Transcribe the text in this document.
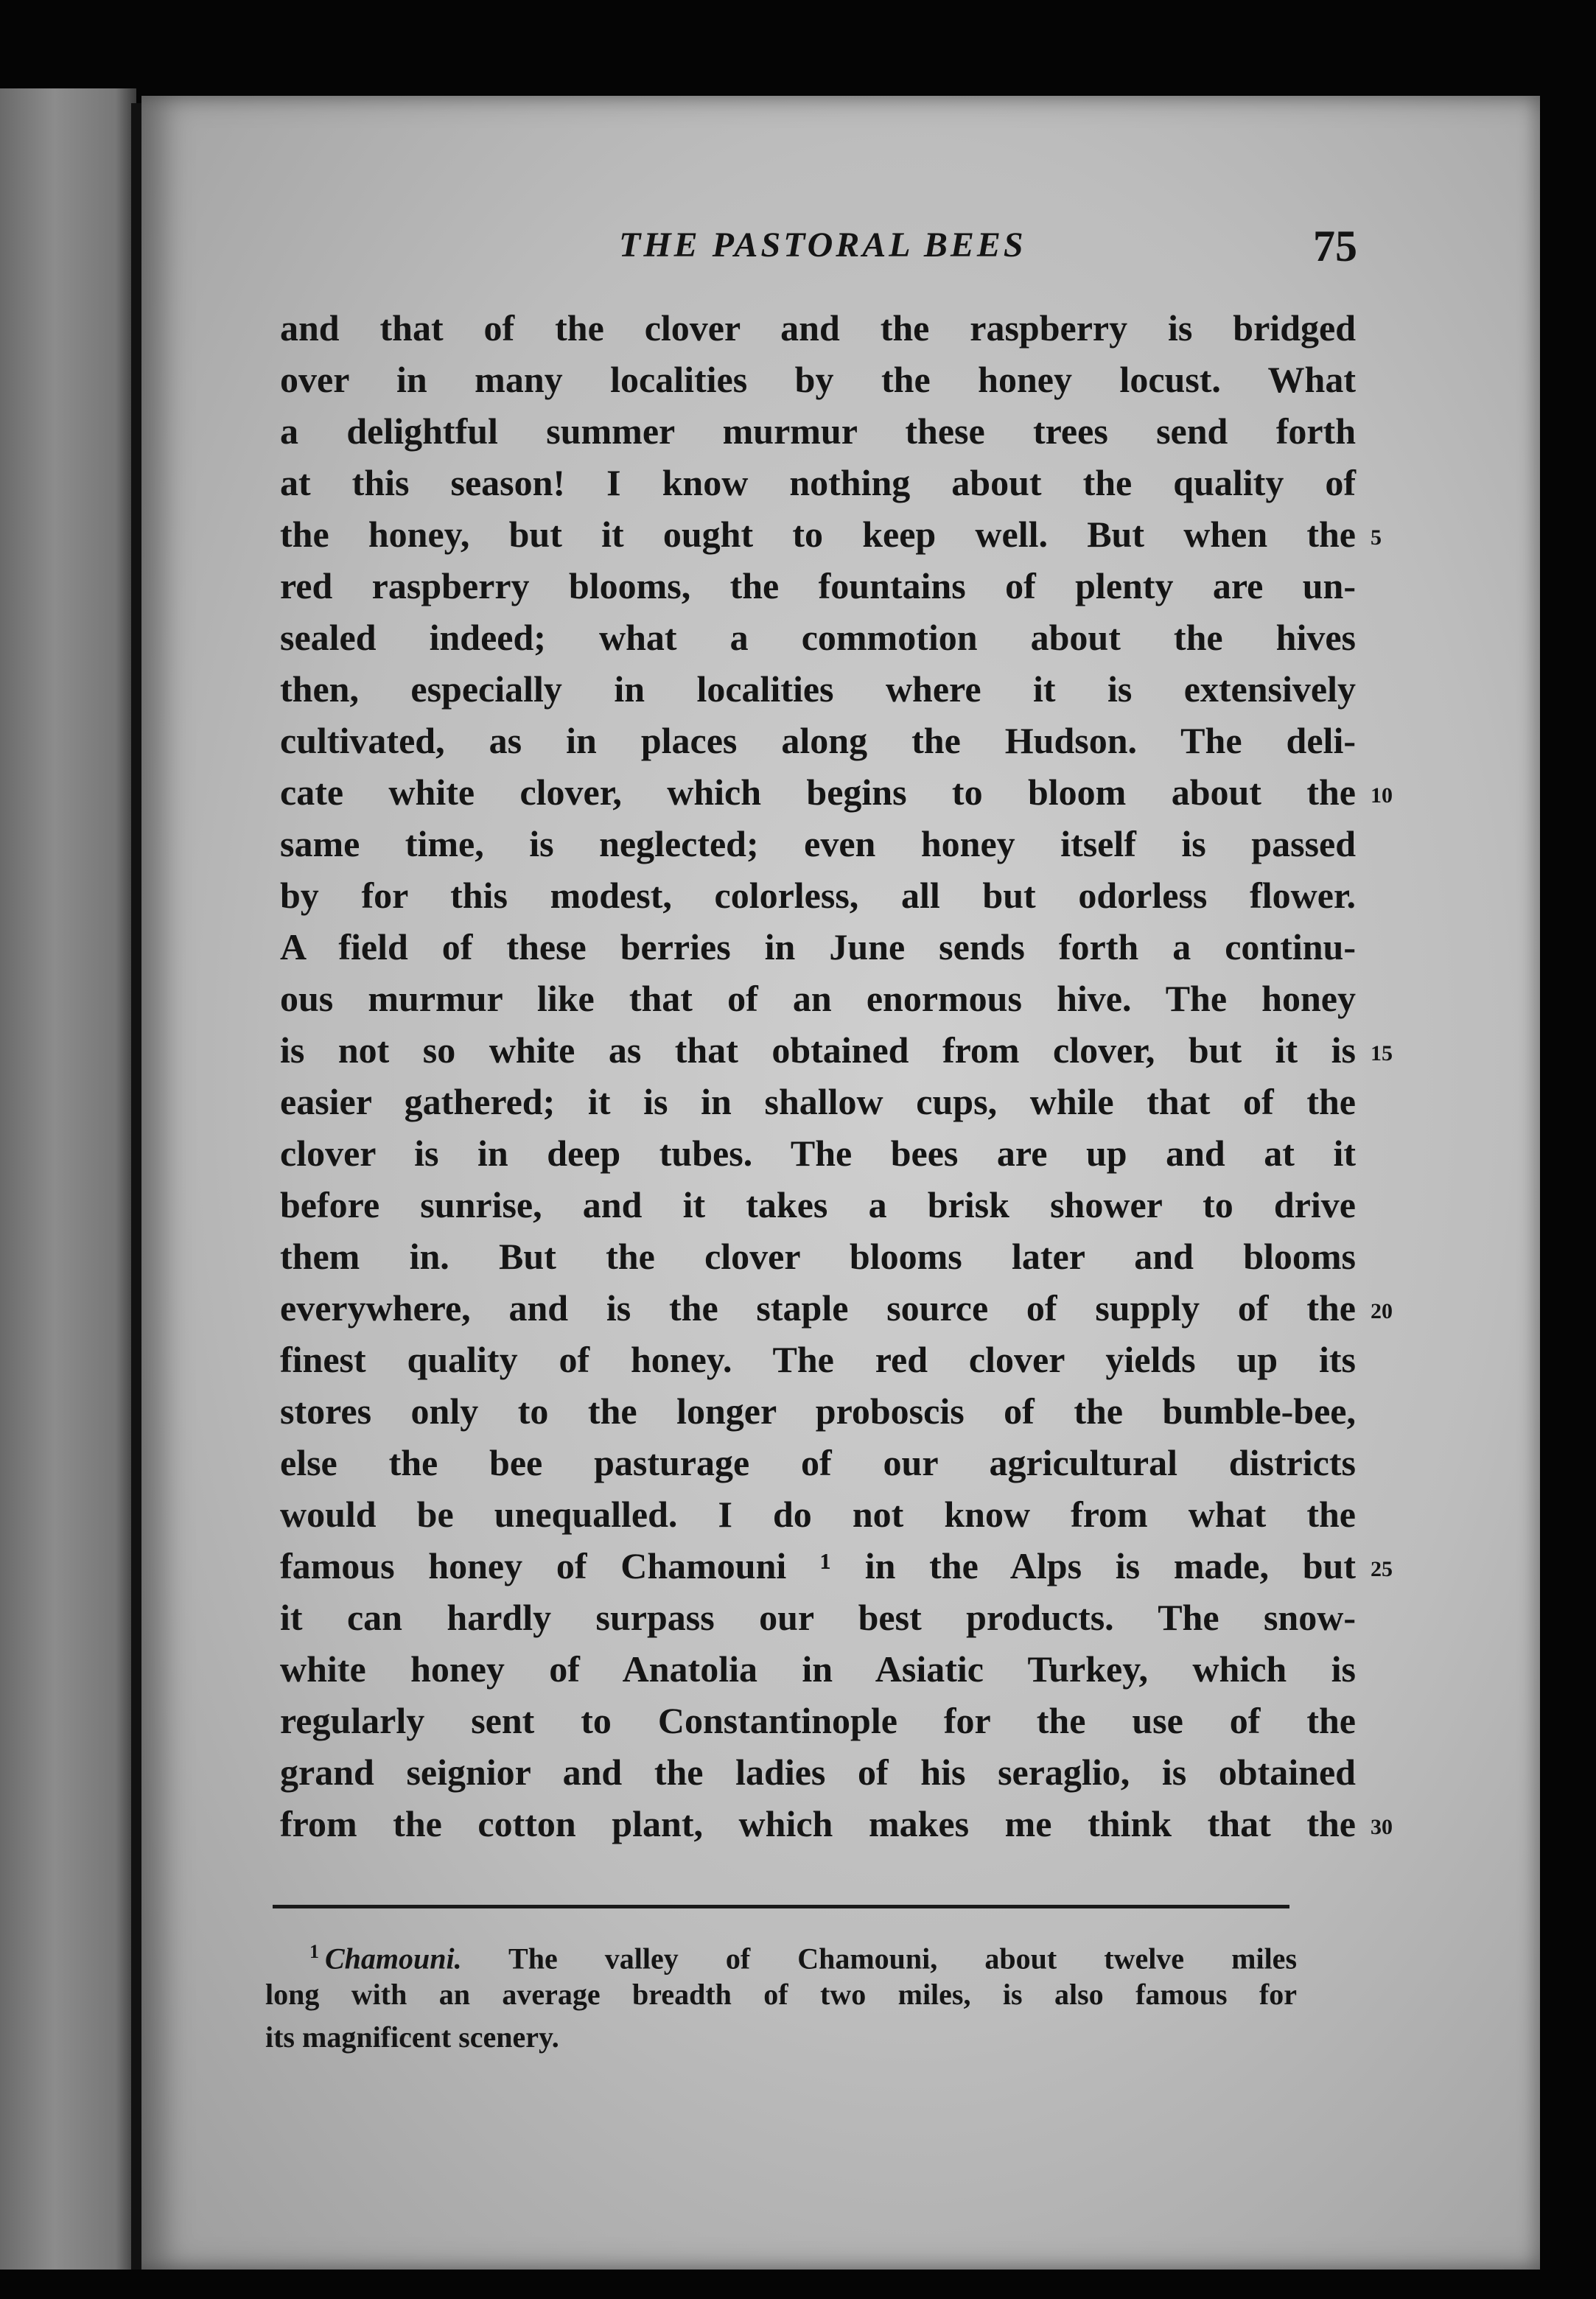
THE PASTORAL BEES	75
and that of the clover and the raspberry is bridged
over in many localities by the honey locust. What
a delightful summer murmur these trees send forth
at this season! I know nothing about the quality of
the honey, but it ought to keep well. But when the 5
red raspberry blooms, the fountains of plenty are un-
sealed indeed; what a commotion about the hives
then, especially in localities where it is extensively
cultivated, as in places along the Hudson. The deli-
cate white clover, which begins to bloom about the 10
same time, is neglected; even honey itself is passed
by for this modest, colorless, all but odorless flower.
A field of these berries in June sends forth a continu-
ous murmur like that of an enormous hive. The honey
is not so white as that obtained from clover, but it is 15
easier gathered; it is in shallow cups, while that of the
clover is in deep tubes. The bees are up and at it
before sunrise, and it takes a brisk shower to drive
them in. But the clover blooms later and blooms
everywhere, and is the staple source of supply of the 20
finest quality of honey. The red clover yields up its
stores only to the longer proboscis of the bumble-bee,
else the bee pasturage of our agricultural districts
would be unequalled. I do not know from what the
famous honey of Chamouni ¹ in the Alps is made, but 25
it can hardly surpass our best products. The snow-
white honey of Anatolia in Asiatic Turkey, which is
regularly sent to Constantinople for the use of the
grand seignior and the ladies of his seraglio, is obtained
from the cotton plant, which makes me think that the 30
$^1$ Chamouni. The valley of Chamouni, about twelve miles
long with an average breadth of two miles, is also famous for
its magnificent scenery.
